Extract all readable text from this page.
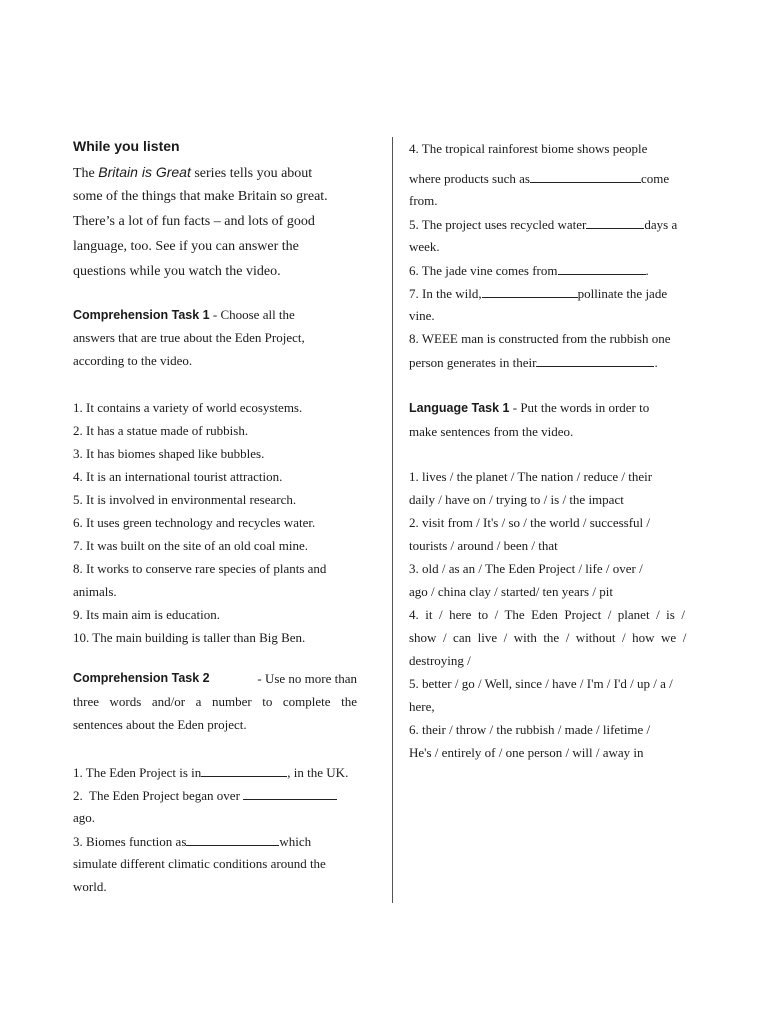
While you listen
The Britain is Great series tells you about
some of the things that make Britain so great.
There’s a lot of fun facts – and lots of good
language, too. See if you can answer the
questions while you watch the video.
Comprehension Task 1 - Choose all the
answers that are true about the Eden Project,
according to the video.
1. It contains a variety of world ecosystems.
2. It has a statue made of rubbish.
3. It has biomes shaped like bubbles.
4. It is an international tourist attraction.
5. It is involved in environmental research.
6. It uses green technology and recycles water.
7. It was built on the site of an old coal mine.
8. It works to conserve rare species of plants and
animals.
9. Its main aim is education.
10. The main building is taller than Big Ben.
Comprehension Task 2	- Use no more than
three words and/or a number to complete the
sentences about the Eden project.
1. The Eden Project is in	, in the UK.
2.  The Eden Project began over
ago.
3. Biomes function as	which
simulate different climatic conditions around the
world.
4. The tropical rainforest biome shows people
where products such as	come
from.
5. The project uses recycled water	days a
week.
6. The jade vine comes from	.
7. In the wild,	pollinate the jade
vine.
8. WEEE man is constructed from the rubbish one
person generates in their	.
Language Task 1 - Put the words in order to
make sentences from the video.
1. lives / the planet / The nation / reduce / their
daily / have on / trying to / is / the impact
2. visit from / It's / so / the world / successful /
tourists / around / been / that
3. old / as an / The Eden Project / life / over /
ago / china clay / started/ ten years / pit
4.  it  /  here  to  /  The  Eden  Project  /  planet  /  is  /
show  /  can  live  /  with  the  /  without  /  how  we  /
destroying /
5. better / go / Well, since / have / I'm / I'd / up / a /
here,
6. their / throw / the rubbish / made / lifetime /
He's / entirely of / one person / will / away in
